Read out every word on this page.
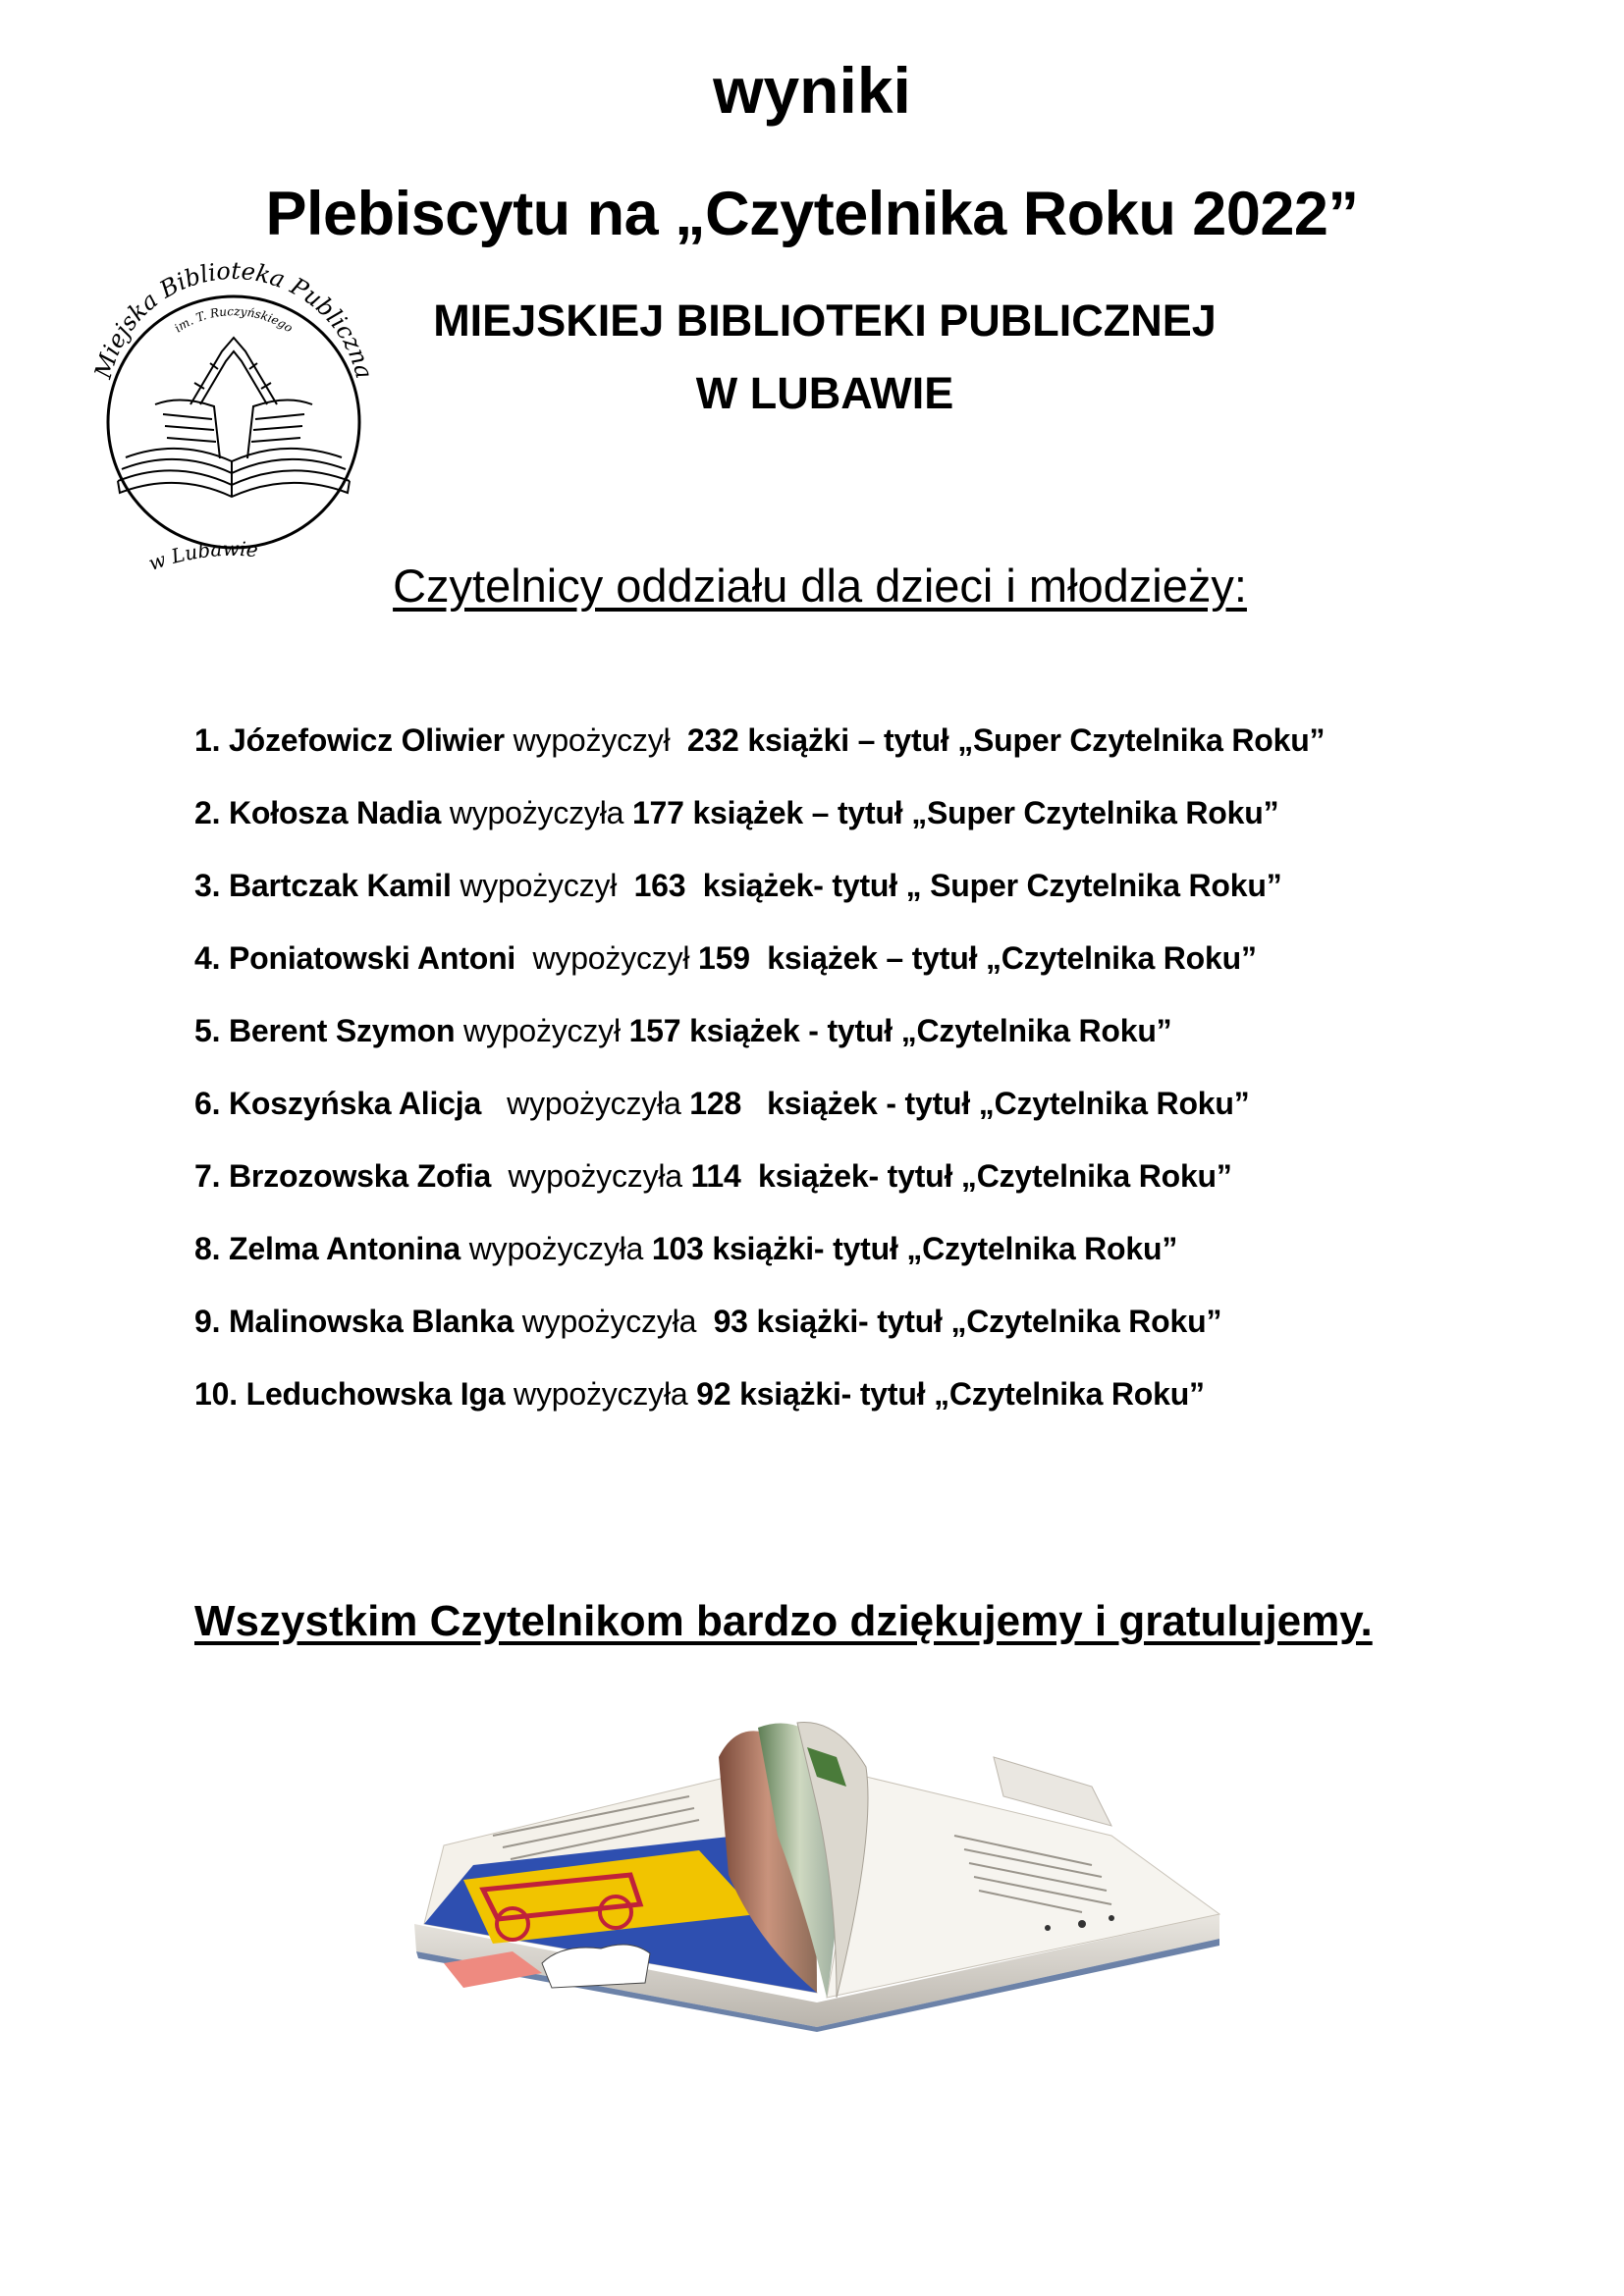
wyniki
Plebiscytu na „Czytelnika Roku 2022”
Miejska Biblioteka Publiczna
im. T. Ruczyńskiego
w Lubawie
MIEJSKIEJ BIBLIOTEKI PUBLICZNEJ
W LUBAWIE
Czytelnicy oddziału dla dzieci i młodzieży:
1. Józefowicz Oliwier wypożyczył 232 książki – tytuł „Super Czytelnika Roku”
2. Kołosza Nadia wypożyczyła 177 książek – tytuł „Super Czytelnika Roku”
3. Bartczak Kamil wypożyczył 163 książek- tytuł „ Super Czytelnika Roku”
4. Poniatowski Antoni wypożyczył 159 książek – tytuł „Czytelnika Roku”
5. Berent Szymon wypożyczył 157 książek - tytuł „Czytelnika Roku”
6. Koszyńska Alicja wypożyczyła 128 książek - tytuł „Czytelnika Roku”
7. Brzozowska Zofia wypożyczyła 114 książek- tytuł „Czytelnika Roku”
8. Zelma Antonina wypożyczyła 103 książki- tytuł „Czytelnika Roku”
9. Malinowska Blanka wypożyczyła 93 książki- tytuł „Czytelnika Roku”
10. Leduchowska Iga wypożyczyła 92 książki- tytuł „Czytelnika Roku”
Wszystkim Czytelnikom bardzo dziękujemy i gratulujemy.
